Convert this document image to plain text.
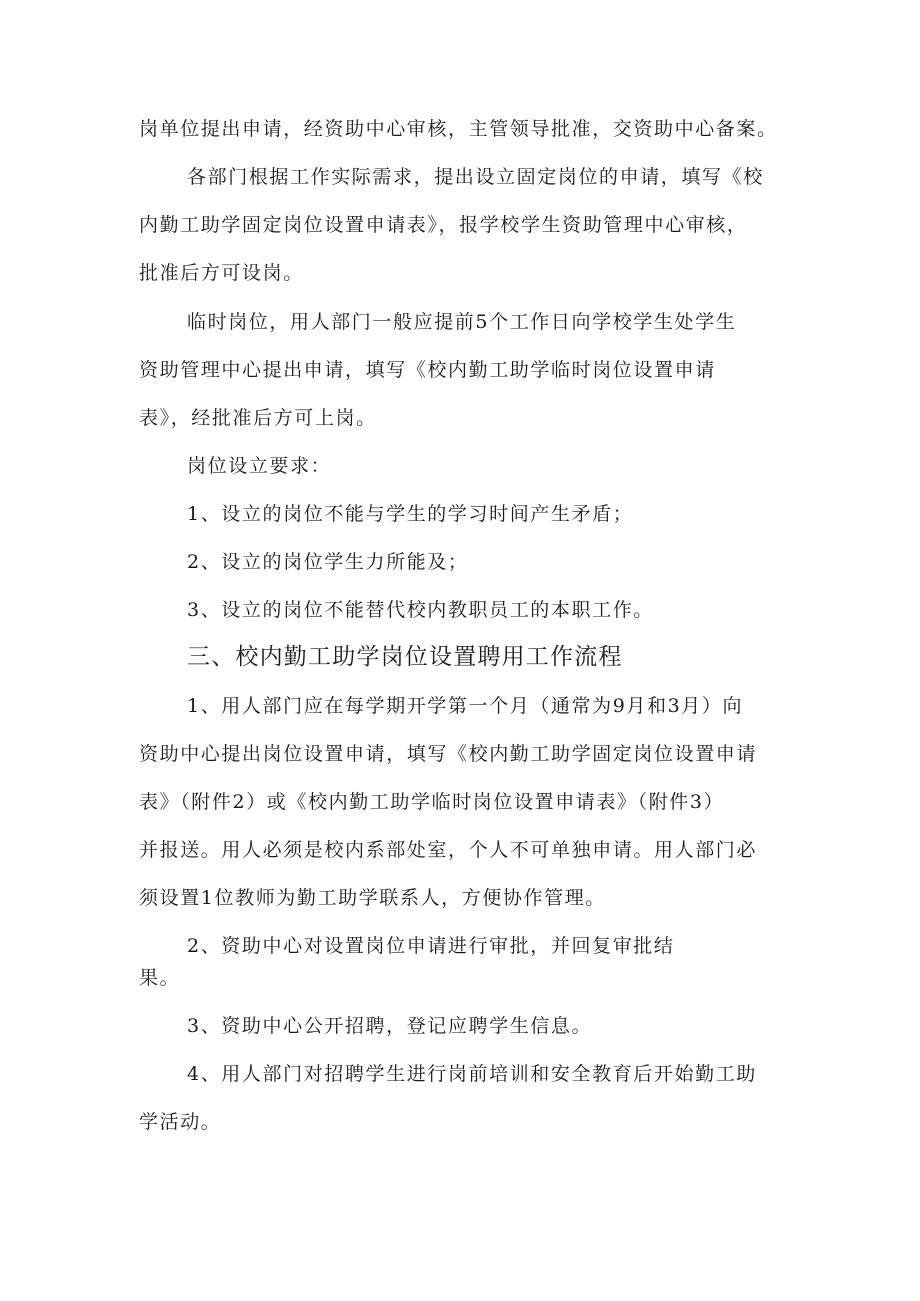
岗单位提出申请，经资助中心审核，主管领导批准，交资助中心备案。
各部门根据工作实际需求，提出设立固定岗位的申请，填写《校
内勤工助学固定岗位设置申请表》，报学校学生资助管理中心审核，
批准后方可设岗。
临时岗位，用人部门一般应提前5个工作日向学校学生处学生
资助管理中心提出申请，填写《校内勤工助学临时岗位设置申请
表》，经批准后方可上岗。
岗位设立要求：
1、设立的岗位不能与学生的学习时间产生矛盾；
2、设立的岗位学生力所能及；
3、设立的岗位不能替代校内教职员工的本职工作。
三、校内勤工助学岗位设置聘用工作流程
1、用人部门应在每学期开学第一个月（通常为9月和3月）向
资助中心提出岗位设置申请，填写《校内勤工助学固定岗位设置申请
表》（附件2）或《校内勤工助学临时岗位设置申请表》（附件3）
并报送。用人必须是校内系部处室，个人不可单独申请。用人部门必
须设置1位教师为勤工助学联系人，方便协作管理。
2、资助中心对设置岗位申请进行审批，并回复审批结
果。
3、资助中心公开招聘，登记应聘学生信息。
4、用人部门对招聘学生进行岗前培训和安全教育后开始勤工助
学活动。
